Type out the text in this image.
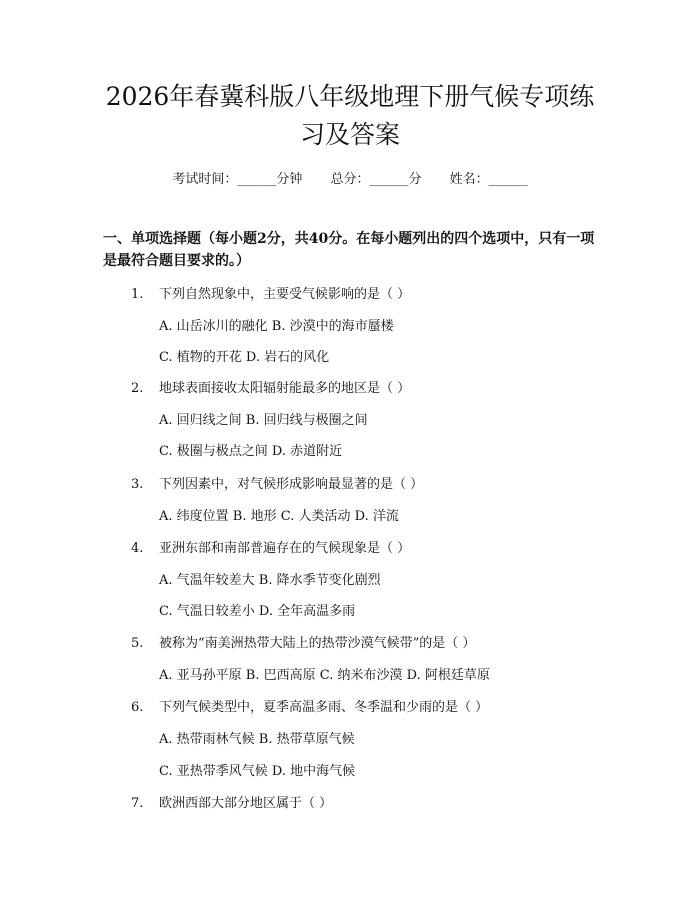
2026年春冀科版八年级地理下册气候专项练
习及答案
考试时间：______分钟 总分：______分 姓名：______
一、单项选择题（每小题2分，共40分。在每小题列出的四个选项中，只有一项是最符合题目要求的。）
1. 下列自然现象中，主要受气候影响的是（ ）
A. 山岳冰川的融化 B. 沙漠中的海市蜃楼
C. 植物的开花 D. 岩石的风化
2. 地球表面接收太阳辐射能最多的地区是（ ）
A. 回归线之间 B. 回归线与极圈之间
C. 极圈与极点之间 D. 赤道附近
3. 下列因素中，对气候形成影响最显著的是（ ）
A. 纬度位置 B. 地形 C. 人类活动 D. 洋流
4. 亚洲东部和南部普遍存在的气候现象是（ ）
A. 气温年较差大 B. 降水季节变化剧烈
C. 气温日较差小 D. 全年高温多雨
5. 被称为“南美洲热带大陆上的热带沙漠气候带”的是（ ）
A. 亚马孙平原 B. 巴西高原 C. 纳米布沙漠 D. 阿根廷草原
6. 下列气候类型中，夏季高温多雨、冬季温和少雨的是（ ）
A. 热带雨林气候 B. 热带草原气候
C. 亚热带季风气候 D. 地中海气候
7. 欧洲西部大部分地区属于（ ）
